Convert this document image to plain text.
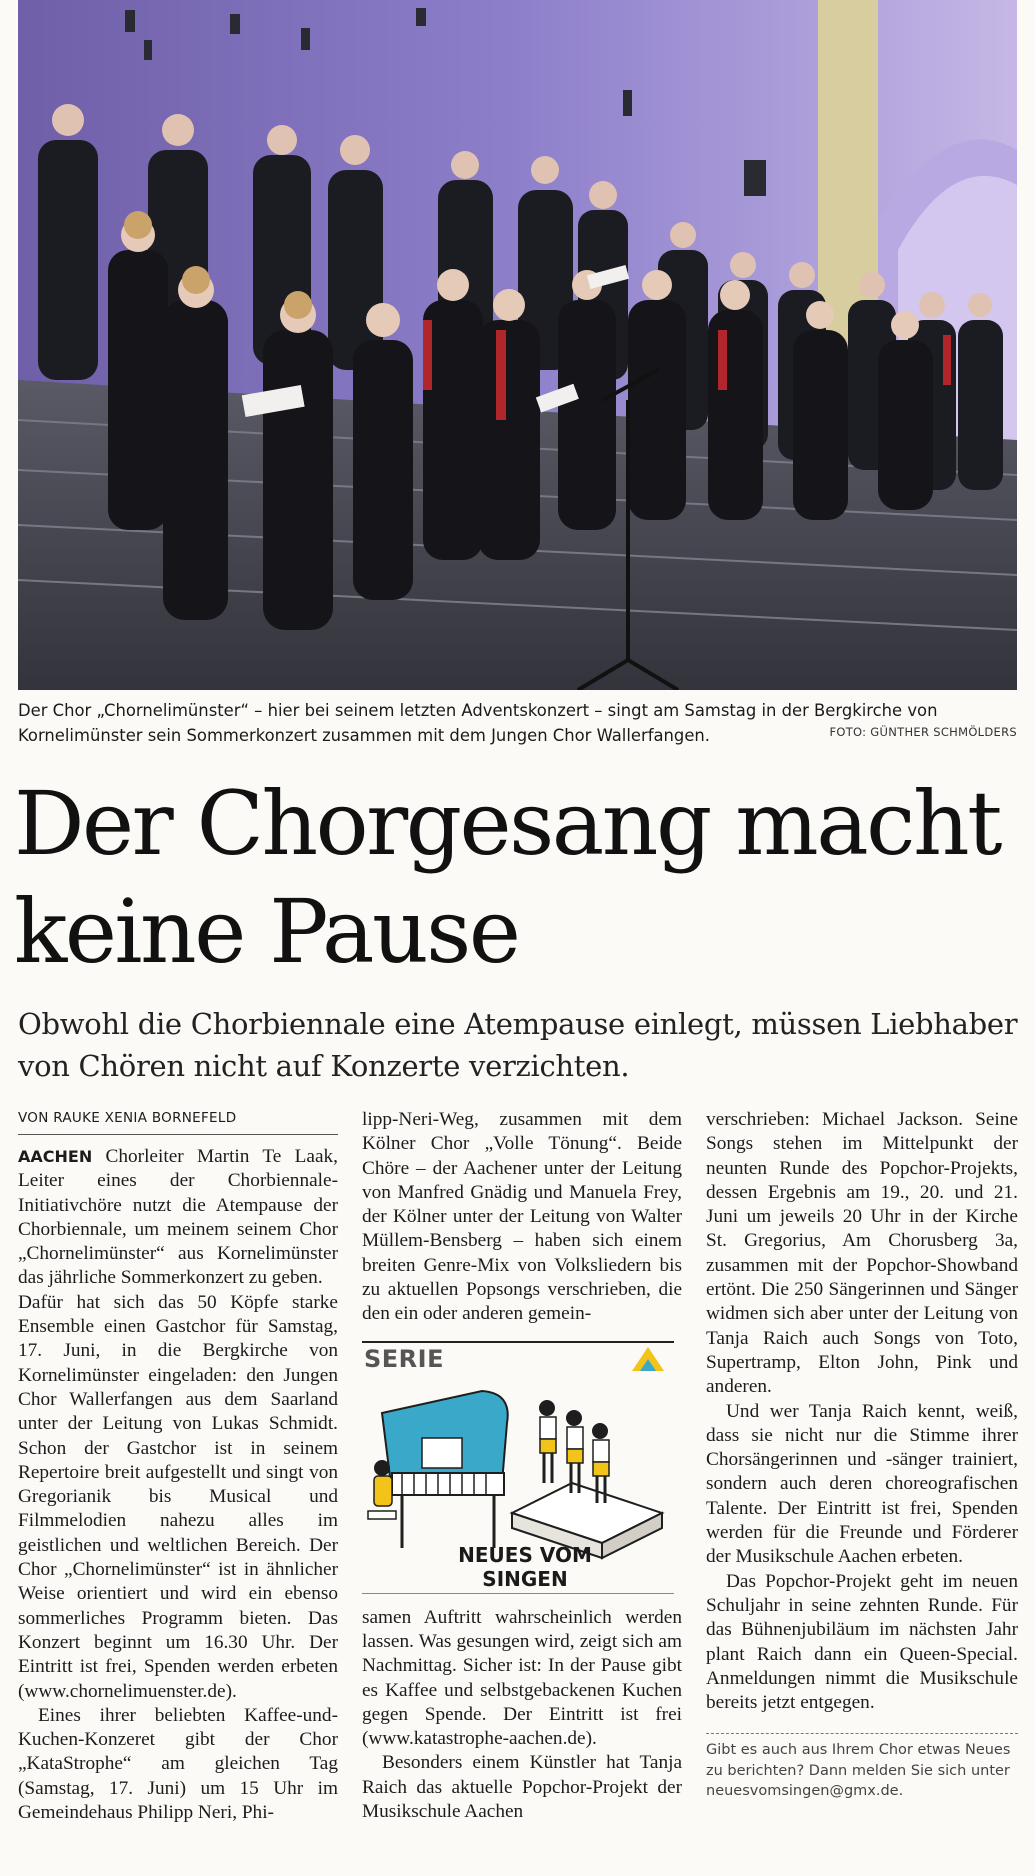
Der Chor „Chornelimünster“ – hier bei seinem letzten Adventskonzert – singt am Samstag in der Bergkirche von Kornelimünster sein Sommerkonzert zusammen mit dem Jungen Chor Wallerfangen.	FOTO: GÜNTHER SCHMÖLDERS
Der Chorgesang macht keine Pause
Obwohl die Chorbiennale eine Atempause einlegt, müssen Liebhaber von Chören nicht auf Konzerte verzichten.
VON RAUKE XENIA BORNEFELD

AACHEN Chorleiter Martin Te Laak, Leiter eines der Chorbiennale-Initiativchöre nutzt die Atempause der Chorbiennale, um meinem seinem Chor „Chornelimünster“ aus Kornelimünster das jährliche Sommerkonzert zu geben.

Dafür hat sich das 50 Köpfe starke Ensemble einen Gastchor für Samstag, 17. Juni, in die Bergkirche von Kornelimünster eingeladen: den Jungen Chor Wallerfangen aus dem Saarland unter der Leitung von Lukas Schmidt. Schon der Gastchor ist in seinem Repertoire breit aufgestellt und singt von Gregorianik bis Musical und Filmmelodien nahezu alles im geistlichen und weltlichen Bereich. Der Chor „Chornelimünster“ ist in ähnlicher Weise orientiert und wird ein ebenso sommerliches Programm bieten. Das Konzert beginnt um 16.30 Uhr. Der Eintritt ist frei, Spenden werden erbeten (www.chornelimuenster.de).

Eines ihrer beliebten Kaffee-und-Kuchen-Konzeret gibt der Chor „KataStrophe“ am gleichen Tag (Samstag, 17. Juni) um 15 Uhr im Gemeindehaus Philipp Neri, Phi-

lipp-Neri-Weg, zusammen mit dem Kölner Chor „Volle Tönung“. Beide Chöre – der Aachener unter der Leitung von Manfred Gnädig und Manuela Frey, der Kölner unter der Leitung von Walter Müllem-Bensberg – haben sich einem breiten Genre-Mix von Volksliedern bis zu aktuellen Popsongs verschrieben, die den ein oder anderen gemein-

SERIE
NEUES VOM SINGEN

samen Auftritt wahrscheinlich werden lassen. Was gesungen wird, zeigt sich am Nachmittag. Sicher ist: In der Pause gibt es Kaffee und selbstgebackenen Kuchen gegen Spende. Der Eintritt ist frei (www.katastrophe-aachen.de).

Besonders einem Künstler hat Tanja Raich das aktuelle Popchor-Projekt der Musikschule Aachen

verschrieben: Michael Jackson. Seine Songs stehen im Mittelpunkt der neunten Runde des Popchor-Projekts, dessen Ergebnis am 19., 20. und 21. Juni um jeweils 20 Uhr in der Kirche St. Gregorius, Am Chorusberg 3a, zusammen mit der Popchor-Showband ertönt. Die 250 Sängerinnen und Sänger widmen sich aber unter der Leitung von Tanja Raich auch Songs von Toto, Supertramp, Elton John, Pink und anderen.

Und wer Tanja Raich kennt, weiß, dass sie nicht nur die Stimme ihrer Chorsängerinnen und -sänger trainiert, sondern auch deren choreografischen Talente. Der Eintritt ist frei, Spenden werden für die Freunde und Förderer der Musikschule Aachen erbeten.

Das Popchor-Projekt geht im neuen Schuljahr in seine zehnten Runde. Für das Bühnenjubiläum im nächsten Jahr plant Raich dann ein Queen-Special. Anmeldungen nimmt die Musikschule bereits jetzt entgegen.

Gibt es auch aus Ihrem Chor etwas Neues zu berichten? Dann melden Sie sich unter neuesvomsingen@gmx.de.
